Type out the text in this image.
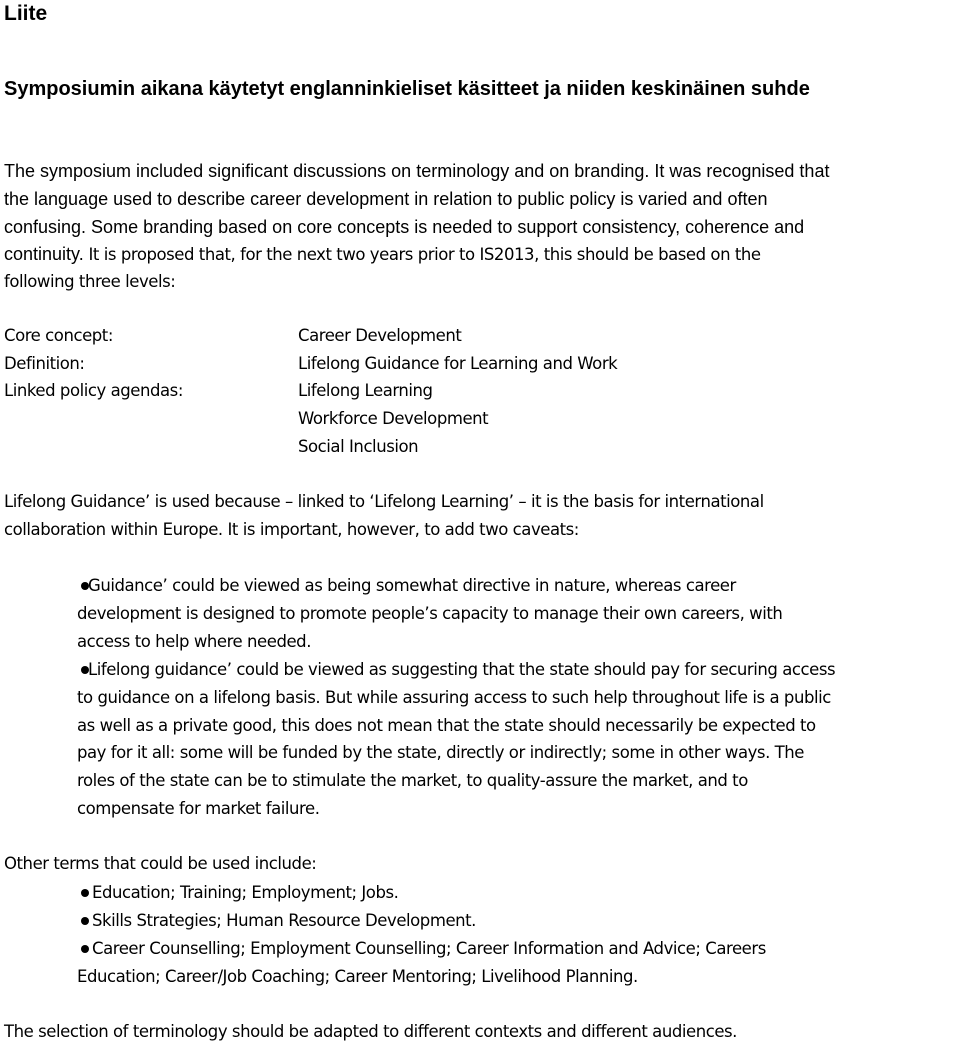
Liite
Symposiumin aikana käytetyt englanninkieliset käsitteet ja niiden keskinäinen suhde
The symposium included significant discussions on terminology and on branding. It was recognised that
the language used to describe career development in relation to public policy is varied and often
confusing. Some branding based on core concepts is needed to support consistency, coherence and
continuity. It is proposed that, for the next two years prior to IS2013, this should be based on the
following three levels:
Core concept:
Definition:
Linked policy agendas:
Career Development
Lifelong Guidance for Learning and Work
Lifelong Learning
Workforce Development
Social Inclusion
Lifelong Guidance’ is used because – linked to ‘Lifelong Learning’ – it is the basis for international
collaboration within Europe. It is important, however, to add two caveats:
Guidance’ could be viewed as being somewhat directive in nature, whereas career
development is designed to promote people’s capacity to manage their own careers, with
access to help where needed.
Lifelong guidance’ could be viewed as suggesting that the state should pay for securing access
to guidance on a lifelong basis. But while assuring access to such help throughout life is a public
as well as a private good, this does not mean that the state should necessarily be expected to
pay for it all: some will be funded by the state, directly or indirectly; some in other ways. The
roles of the state can be to stimulate the market, to quality-assure the market, and to
compensate for market failure.
Other terms that could be used include:
Education; Training; Employment; Jobs.
Skills Strategies; Human Resource Development.
Career Counselling; Employment Counselling; Career Information and Advice; Careers
Education; Career/Job Coaching; Career Mentoring; Livelihood Planning.
The selection of terminology should be adapted to different contexts and different audiences.
